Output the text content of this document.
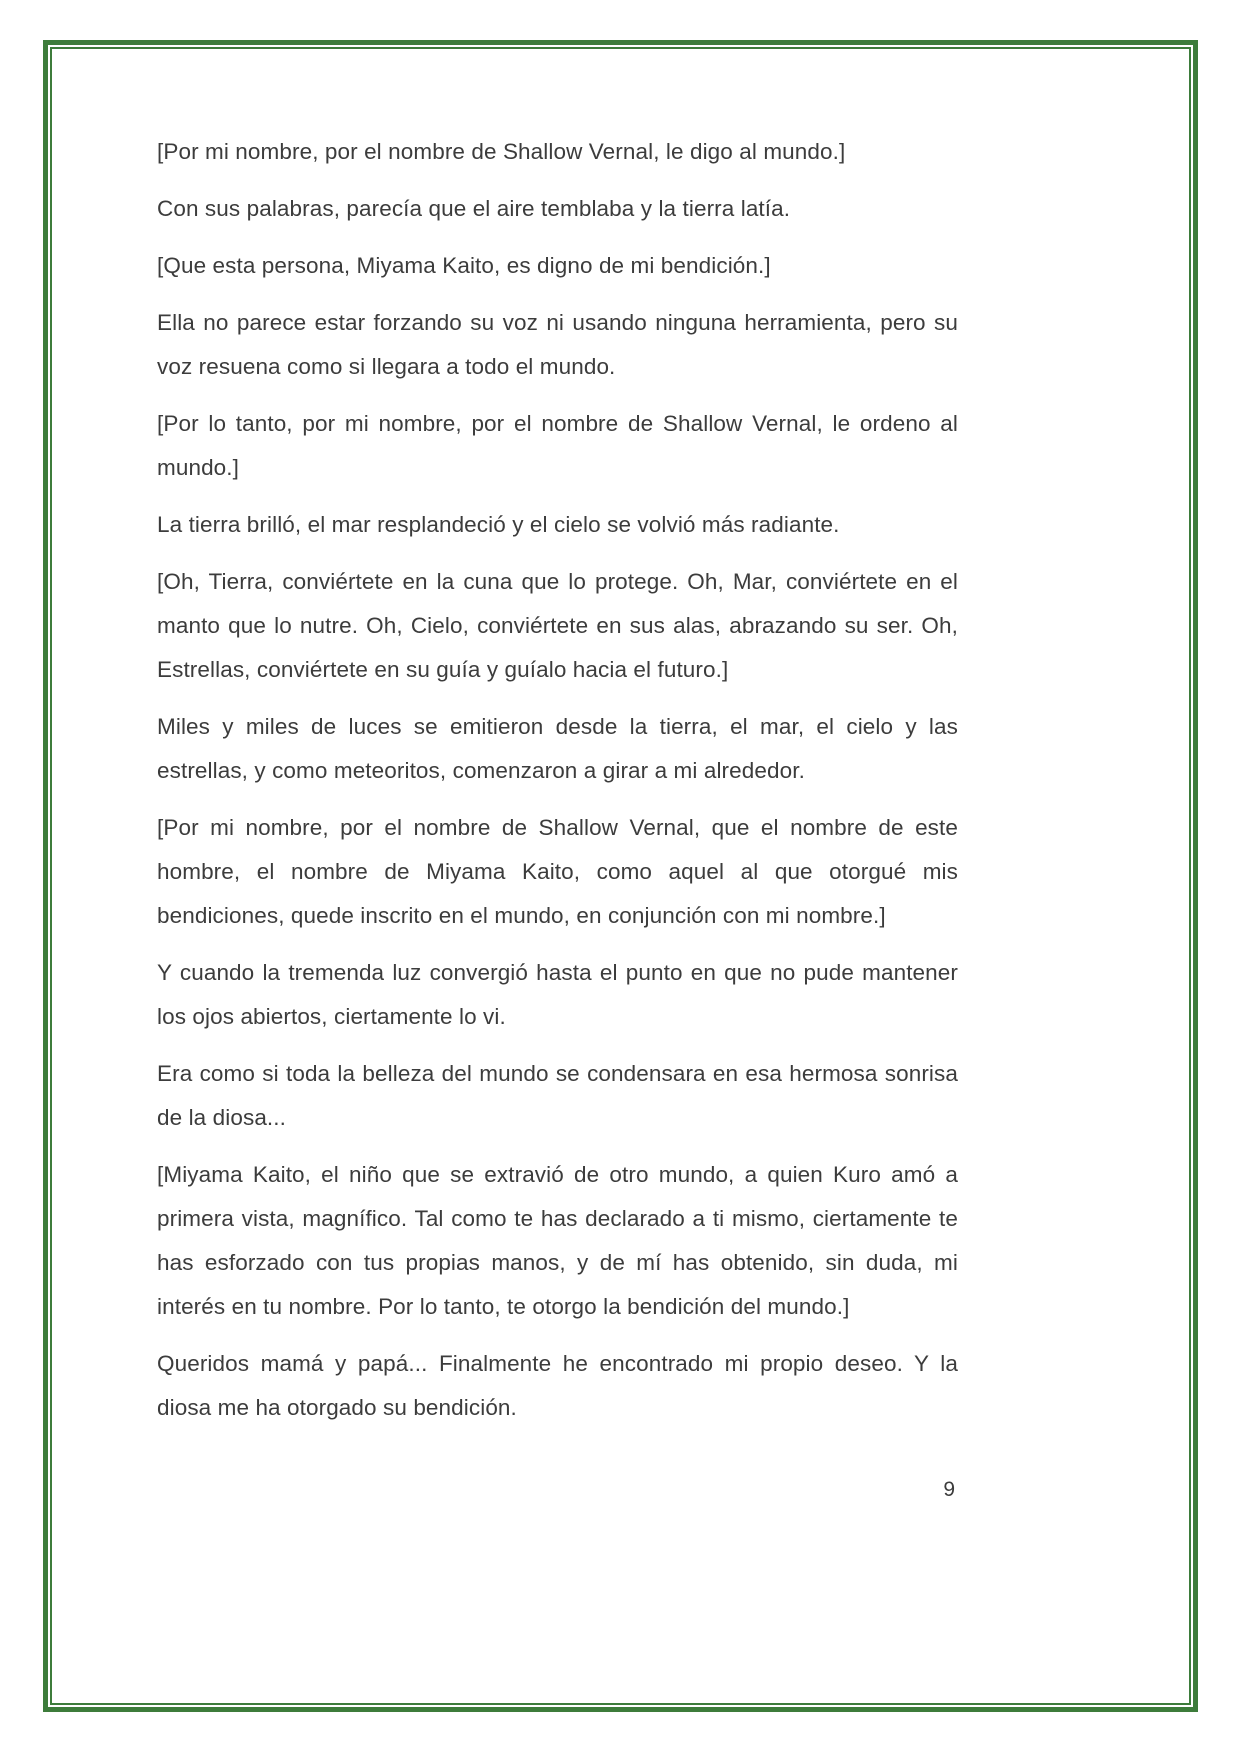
[Por mi nombre, por el nombre de Shallow Vernal, le digo al mundo.]

Con sus palabras, parecía que el aire temblaba y la tierra latía.

[Que esta persona, Miyama Kaito, es digno de mi bendición.]

Ella no parece estar forzando su voz ni usando ninguna herramienta, pero su voz resuena como si llegara a todo el mundo.

[Por lo tanto, por mi nombre, por el nombre de Shallow Vernal, le ordeno al mundo.]

La tierra brilló, el mar resplandeció y el cielo se volvió más radiante.

[Oh, Tierra, conviértete en la cuna que lo protege. Oh, Mar, conviértete en el manto que lo nutre. Oh, Cielo, conviértete en sus alas, abrazando su ser. Oh, Estrellas, conviértete en su guía y guíalo hacia el futuro.]

Miles y miles de luces se emitieron desde la tierra, el mar, el cielo y las estrellas, y como meteoritos, comenzaron a girar a mi alrededor.

[Por mi nombre, por el nombre de Shallow Vernal, que el nombre de este hombre, el nombre de Miyama Kaito, como aquel al que otorgué mis bendiciones, quede inscrito en el mundo, en conjunción con mi nombre.]

Y cuando la tremenda luz convergió hasta el punto en que no pude mantener los ojos abiertos, ciertamente lo vi.

Era como si toda la belleza del mundo se condensara en esa hermosa sonrisa de la diosa...

[Miyama Kaito, el niño que se extravió de otro mundo, a quien Kuro amó a primera vista, magnífico. Tal como te has declarado a ti mismo, ciertamente te has esforzado con tus propias manos, y de mí has obtenido, sin duda, mi interés en tu nombre. Por lo tanto, te otorgo la bendición del mundo.]

Queridos mamá y papá... Finalmente he encontrado mi propio deseo. Y la diosa me ha otorgado su bendición.

9
